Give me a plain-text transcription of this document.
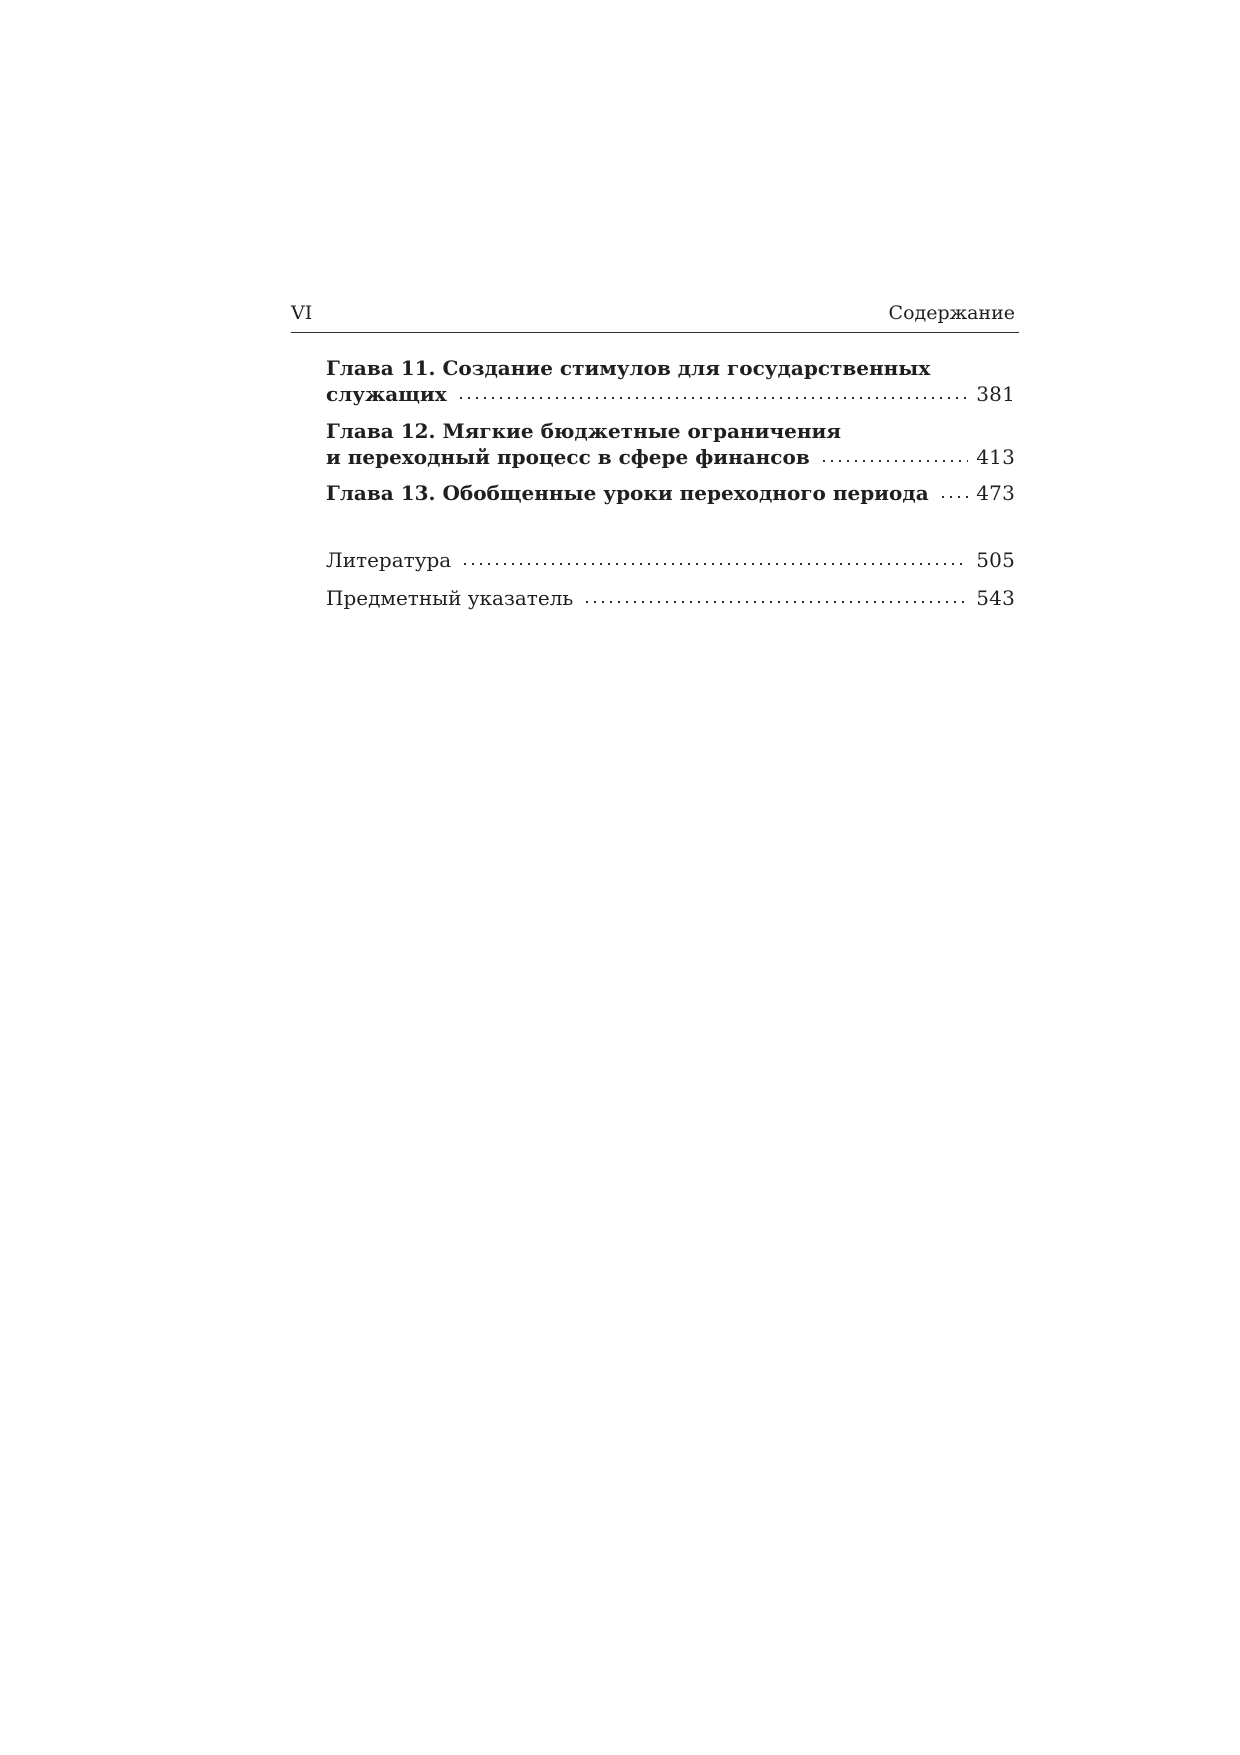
VI	Содержание
Глава 11. Создание стимулов для государственных
служащих	381
Глава 12. Мягкие бюджетные ограничения
и переходный процесс в сфере финансов	413
Глава 13. Обобщенные уроки переходного периода 473
Литература	505
Предметный указатель	543
